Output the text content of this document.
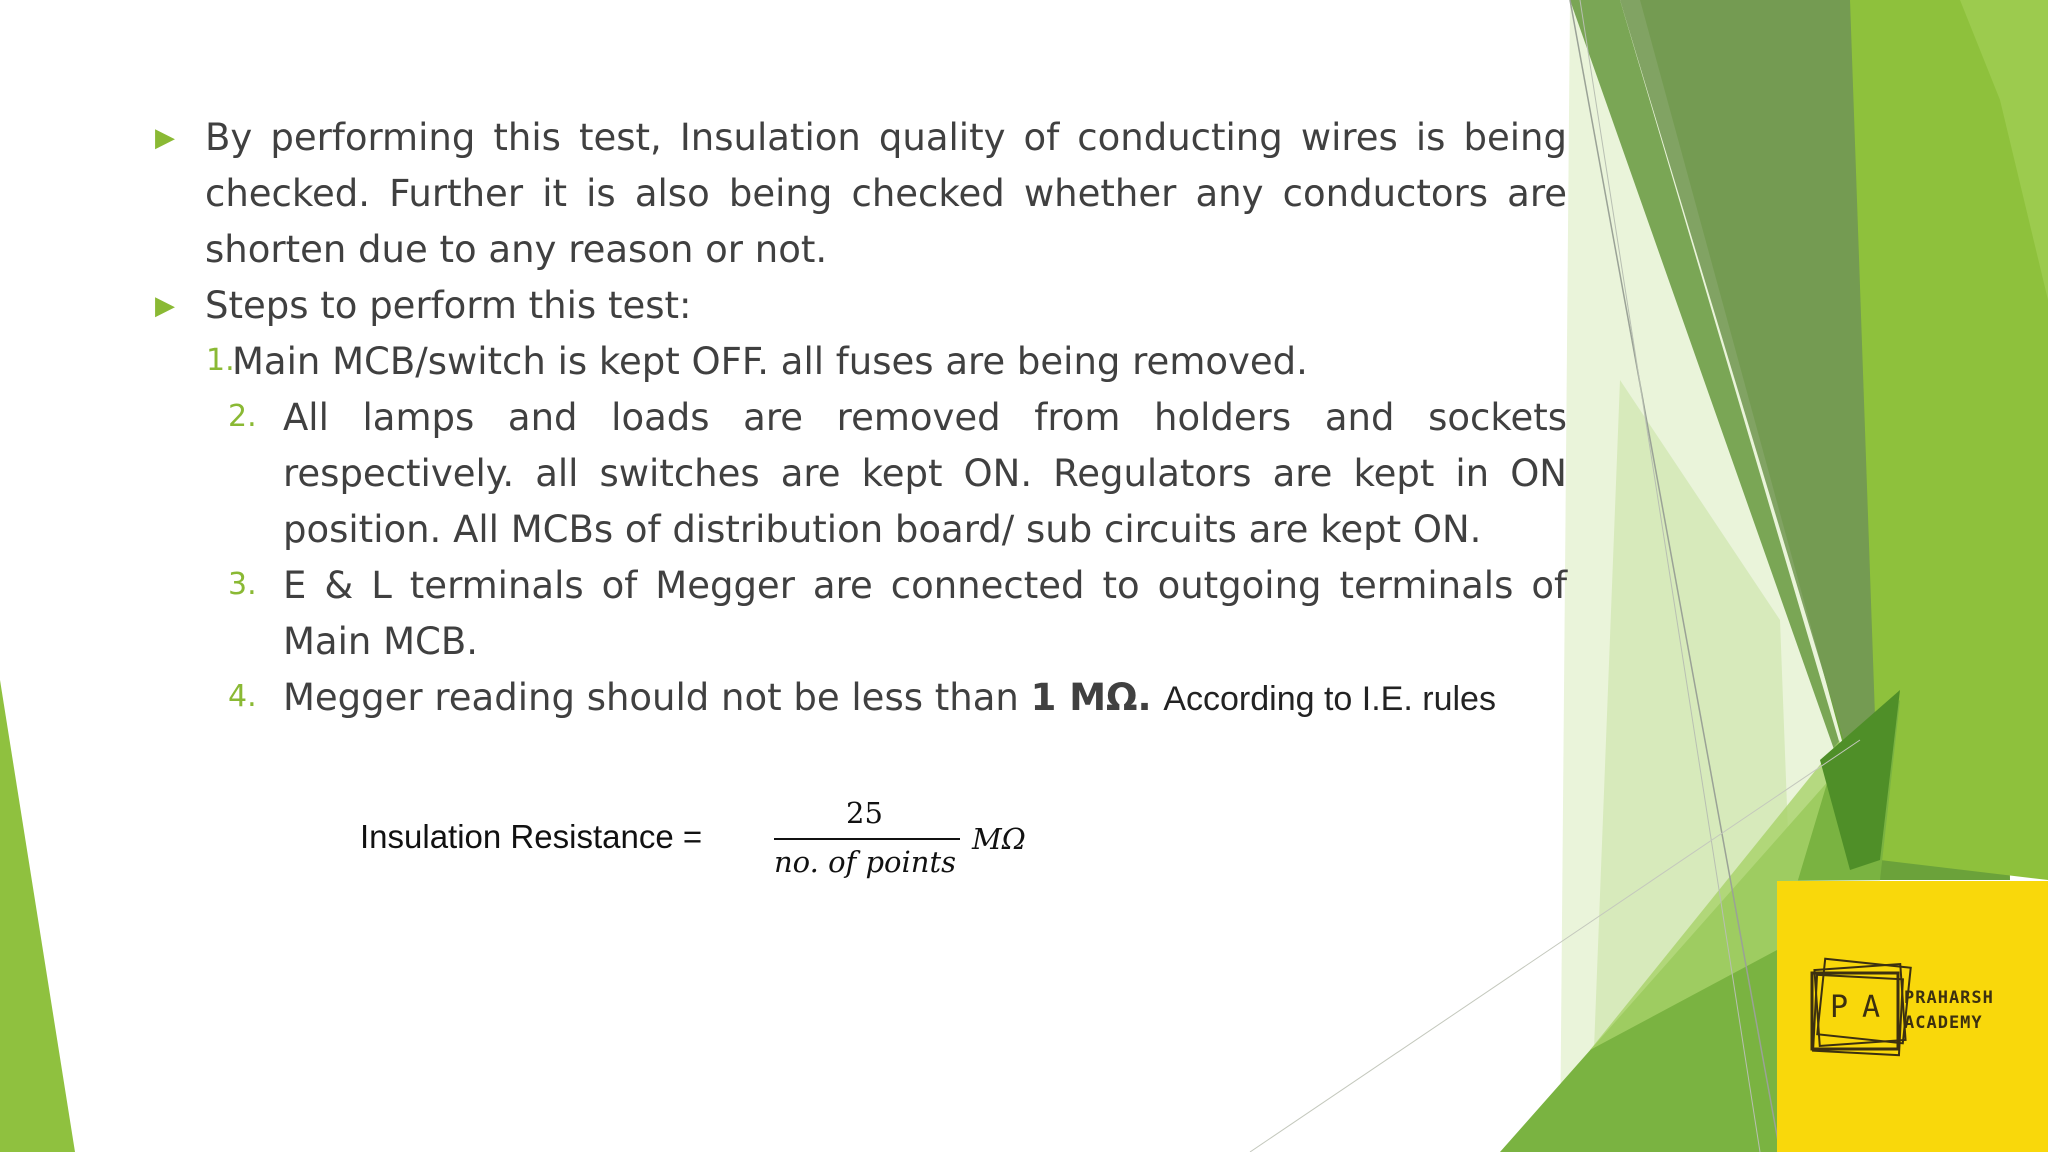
▶ By performing this test, Insulation quality of conducting wires is being
checked. Further it is also being checked whether any conductors are
shorten due to any reason or not.
▶ Steps to perform this test:
1.
Main MCB/switch is kept OFF. all fuses are being removed.
2. All lamps and loads are removed from holders and sockets
respectively. all switches are kept ON. Regulators are kept in ON
position. All MCBs of distribution board/ sub circuits are kept ON.
3. E & L terminals of Megger are connected to outgoing terminals of
Main MCB.
4. Megger reading should not be less than 1 MΩ. According to I.E. rules
Insulation Resistance =
25
no. of points
MΩ
PA PRAHARSH
ACADEMY
